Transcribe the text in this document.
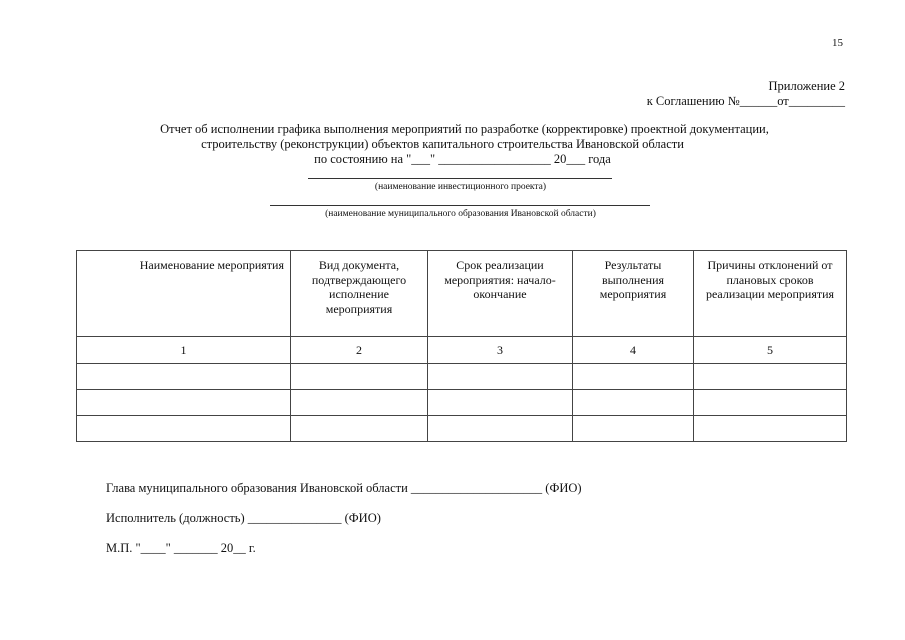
15
Приложение 2
к Соглашению №______от_________
Отчет об исполнении графика выполнения мероприятий по разработке (корректировке) проектной документации,
строительству (реконструкции) объектов капитального строительства Ивановской области
по состоянию на "___" __________________ 20___ года
(наименование инвестиционного проекта)
(наименование муниципального образования Ивановской области)
Наименование мероприятия	Вид документа, подтверждающего исполнение мероприятия	Срок реализации мероприятия: начало-окончание	Результаты выполнения мероприятия	Причины отклонений от плановых сроков реализации мероприятия
1	2	3	4	5

Глава муниципального образования Ивановской области _____________________ (ФИО)
Исполнитель (должность) _______________ (ФИО)
М.П. "____" _______ 20__ г.
